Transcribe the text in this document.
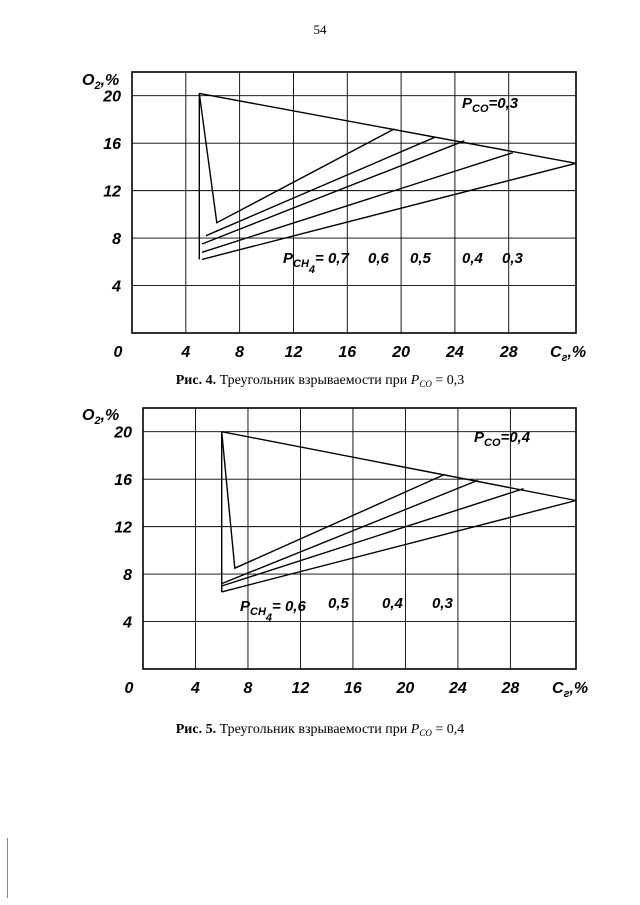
54
0	4	8	12 16 20 24 28
4
8
12
16
20
$O_2,\%$
$C_г,\%$
$P_{CO}=0,3$
$P_{CH4}= 0,7$ 0,6 0,5 0,4 0,3
Рис. 4. Треугольник взрываемости при $P_{CO} = 0,3$
0	4	8 12 16 20 24 28
4
8
12
16
20
$O_2,\%$
$C_г,\%$
$P_{CO}=0,4$
$P_{CH4}= 0,6$ 0,5 0,4 0,3
Рис. 5. Треугольник взрываемости при $P_{CO} = 0,4$
